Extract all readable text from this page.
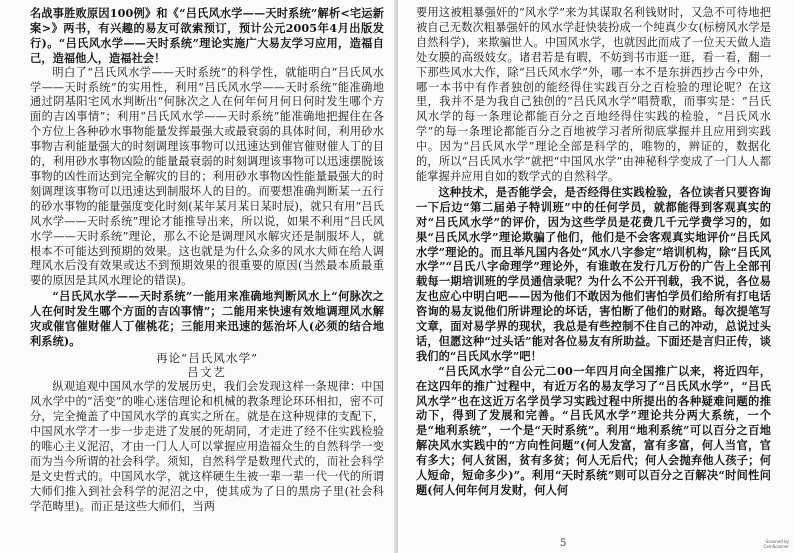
名战事胜败原因100例》和《“吕氏风水学——天时系统”解析<宅运新案>》两书，有兴趣的易友可欲索预订，预计公元2005年4月出版发行)。“吕氏风水学——天时系统”理论实施广大易友学习应用，造福自己，造福他人，造福社会！

明白了“吕氏风水学——天时系统”的科学性，就能明白“吕氏风水学——天时系统”的实用性，利用“吕氏风水学——天时系统”能准确地通过阴基阳宅风水判断出“何脉次之人在何年何月何日何时发生哪个方面的吉凶事情”；利用“吕氏风水学——天时系统”能准确地把握住在各个方位上各种砂水事物能量发挥最强大或最衰弱的具体时间，利用砂水事物吉利能量强大的时刻调理该事物可以迅速达到催官催财催人丁的目的，利用砂水事物凶险的能量最衰弱的时刻调理该事物可以迅速摆脱该事物的凶性而达到完全解灾的目的；利用砂水事物凶性能量最强大的时刻调理该事物可以迅速达到制服坏人的目的。而要想准确判断某一五行的砂水事物的能量强度变化时刻(某年某月某日某时辰)，就只有用“吕氏风水学——天时系统”理论才能推导出来，所以说，如果不利用“吕氏风水学——天时系统”理论，那么不论是调理风水解灾还是制服坏人，就根本不可能达到预期的效果。这也就是为什么众多的风水大师在给人调理风水后没有效果或达不到预期效果的很重要的原因(当然最本质最重要的原因是其风水理论的错误)。

“吕氏风水学——天时系统”一能用来准确地判断风水上“何脉次之人在何时发生哪个方面的吉凶事情”；二能用来快速有效地调理风水解灾或催官催财催人丁催桃花；三能用来迅速的惩治坏人(必须的结合地利系统)。

再论“吕氏风水学”

吕文艺

纵观追观中国风水学的发展历史，我们会发现这样一条规律：中国风水学中的“活变”的唯心迷信理论和机械的教条理论环环相扣，密不可分，完全掩盖了中国风水学的真实之所在。就是在这种规律的支配下，中国风水学才一步一步走进了发展的死胡同，才走进了经不住实践检验的唯心主义泥沼，才由一门人人可以掌握应用造福众生的自然科学一变而为当今所谓的社会科学。须知，自然科学是数理代式的，而社会科学是文史哲式的。中国风水学，就这样硬生生被一辈一辈一代一代的所谓大师们推入到社会科学的泥沼之中，使其成为了日的黑房子里(社会科学范畴里)。而正是这些大师们，当两

要用这被粗暴强奸的“风水学”来为其谋取名利钱财时，又急不可待地把被自己无数次粗暴强奸的风水学赶快装扮成一个纯真少女(标榜风水学是自然科学)，来欺骗世人。中国风水学，也就因此而成了一位天天做人造处女膜的高级妓女。诸君若是有暇，不妨到书市逛一逛，看一看，翻一下那些风水大作，除“吕氏风水学”外，哪一本不是东拼西抄古今中外，哪一本书中有作者独创的能经得住实践百分之百检验的理论呢？在这里，我并不是为我自己独创的“吕氏风水学”唱赞歌，而事实是：“吕氏风水学的每一条理论都能百分之百地经得住实践的检验，“吕氏风水学”的每一条理论都能百分之百地被学习者所彻底掌握并且应用到实践中。因为“吕氏风水学”理论全部是科学的，唯物的，辨证的，数据化的，所以“吕氏风水学”就把“中国风水学”由神秘科学变成了一门人人都能掌握并应用自如的数学式的自然科学。

这种技术，是否能学会，是否经得住实践检验，各位读者只要咨询一下后边“第二届弟子特训班”中的任何学员，就都能得到客观真实的对“吕氏风水学”的评价，因为这些学员是花费几千元学费学习的，如果“吕氏风水学”理论欺骗了他们，他们是不会客观真实地评价“吕氏风水学”理论的。而且举凡国内各处“风水八字参定”培训机构，除“吕氏风水学”“吕氏八字命理学”理论外，有谁敢在发行几万份的广告上全部刊载每一期培训班的学员通信录呢？为什么不公开刊载，我不说，各位易友也应心中明白吧——因为他们不敢因为他们害怕学员们给所有打电话咨询的易友说他们所讲理论的坏话，害怕断了他们的财路。每次提笔写文章，面对易学界的现状，我总是有些控制不住自己的冲动，总说过头话，但愿这种“过头话”能对各位易友有所助益。下面还是言归正传，谈我们的“吕氏风水学”吧！

“吕氏风水学”自公元二00一年四月向全国推广以来，将近四年，在这四年的推广过程中，有近万名的易友学习了“吕氏风水学”，“吕氏风水学”也在这近万名学员学习实践过程中所提出的各种疑难问题的推动下，得到了发展和完善。“吕氏风水学”理论共分两大系统，一个是“地利系统”，一个是“天时系统”。利用“地利系统”可以百分之百地解决风水实践中的“方向性问题”(何人发富，富有多富，何人当官，官有多大；何人贫困，贫有多贫；何人无后代；何人会抛弃他人孩子；何人短命，短命多少)”。利用“天时系统”则可以百分之百解决“时间性问题(何人何年何月发财，何人何

5	Scanned by CamScanner
